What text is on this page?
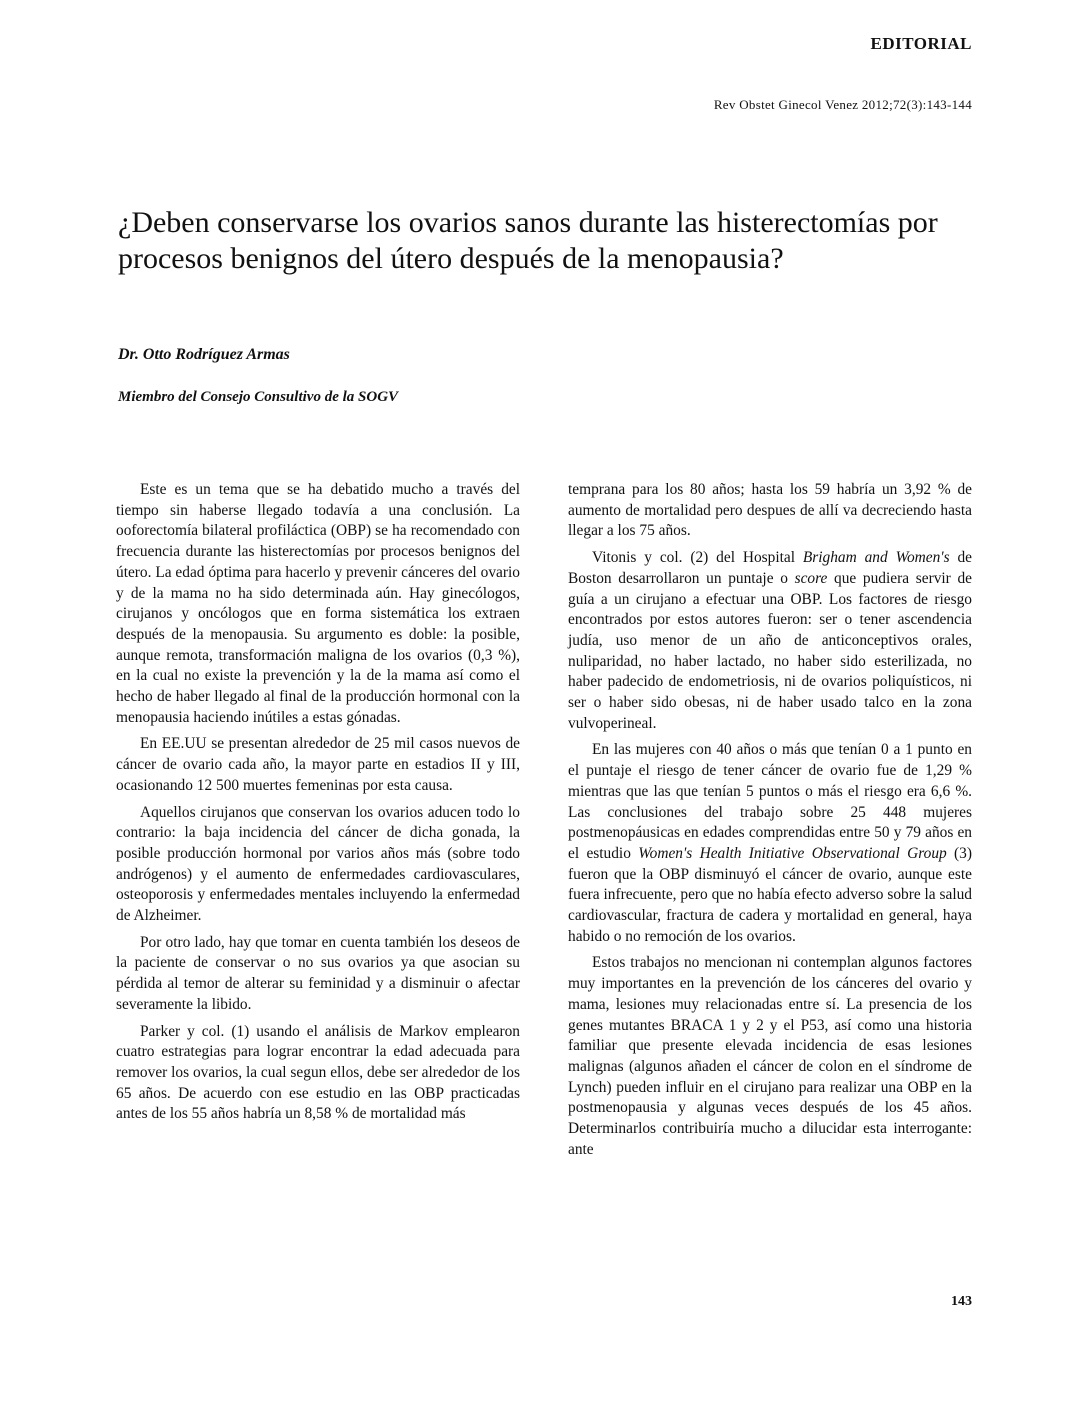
EDITORIAL
Rev Obstet Ginecol Venez 2012;72(3):143-144
¿Deben conservarse los ovarios sanos durante las histerectomías por procesos benignos del útero después de la menopausia?
Dr. Otto Rodríguez Armas
Miembro del Consejo Consultivo de la SOGV

Este es un tema que se ha debatido mucho a través del tiempo sin haberse llegado todavía a una conclusión. La ooforectomía bilateral profiláctica (OBP) se ha recomendado con frecuencia durante las histerectomías por procesos benignos del útero. La edad óptima para hacerlo y prevenir cánceres del ovario y de la mama no ha sido determinada aún. Hay ginecólogos, cirujanos y oncólogos que en forma sistemática los extraen después de la menopausia. Su argumento es doble: la posible, aunque remota, transformación maligna de los ovarios (0,3 %), en la cual no existe la prevención y la de la mama así como el hecho de haber llegado al final de la producción hormonal con la menopausia haciendo inútiles a estas gónadas.

En EE.UU se presentan alrededor de 25 mil casos nuevos de cáncer de ovario cada año, la mayor parte en estadios II y III, ocasionando 12 500 muertes femeninas por esta causa.

Aquellos cirujanos que conservan los ovarios aducen todo lo contrario: la baja incidencia del cáncer de dicha gonada, la posible producción hormonal por varios años más (sobre todo andrógenos) y el aumento de enfermedades cardiovasculares, osteoporosis y enfermedades mentales incluyendo la enfermedad de Alzheimer.

Por otro lado, hay que tomar en cuenta también los deseos de la paciente de conservar o no sus ovarios ya que asocian su pérdida al temor de alterar su feminidad y a disminuir o afectar severamente la libido.

Parker y col. (1) usando el análisis de Markov emplearon cuatro estrategias para lograr encontrar la edad adecuada para remover los ovarios, la cual segun ellos, debe ser alrededor de los 65 años. De acuerdo con ese estudio en las OBP practicadas antes de los 55 años habría un 8,58 % de mortalidad más

temprana para los 80 años; hasta los 59 habría un 3,92 % de aumento de mortalidad pero despues de allí va decreciendo hasta llegar a los 75 años.

Vitonis y col. (2) del Hospital Brigham and Women's de Boston desarrollaron un puntaje o score que pudiera servir de guía a un cirujano a efectuar una OBP. Los factores de riesgo encontrados por estos autores fueron: ser o tener ascendencia judía, uso menor de un año de anticonceptivos orales, nuliparidad, no haber lactado, no haber sido esterilizada, no haber padecido de endometriosis, ni de ovarios poliquísticos, ni ser o haber sido obesas, ni de haber usado talco en la zona vulvoperineal.

En las mujeres con 40 años o más que tenían 0 a 1 punto en el puntaje el riesgo de tener cáncer de ovario fue de 1,29 % mientras que las que tenían 5 puntos o más el riesgo era 6,6 %. Las conclusiones del trabajo sobre 25 448 mujeres postmenopáusicas en edades comprendidas entre 50 y 79 años en el estudio Women's Health Initiative Observational Group (3) fueron que la OBP disminuyó el cáncer de ovario, aunque este fuera infrecuente, pero que no había efecto adverso sobre la salud cardiovascular, fractura de cadera y mortalidad en general, haya habido o no remoción de los ovarios.

Estos trabajos no mencionan ni contemplan algunos factores muy importantes en la prevención de los cánceres del ovario y mama, lesiones muy relacionadas entre sí. La presencia de los genes mutantes BRACA 1 y 2 y el P53, así como una historia familiar que presente elevada incidencia de esas lesiones malignas (algunos añaden el cáncer de colon en el síndrome de Lynch) pueden influir en el cirujano para realizar una OBP en la postmenopausia y algunas veces después de los 45 años. Determinarlos contribuiría mucho a dilucidar esta interrogante: ante

143
